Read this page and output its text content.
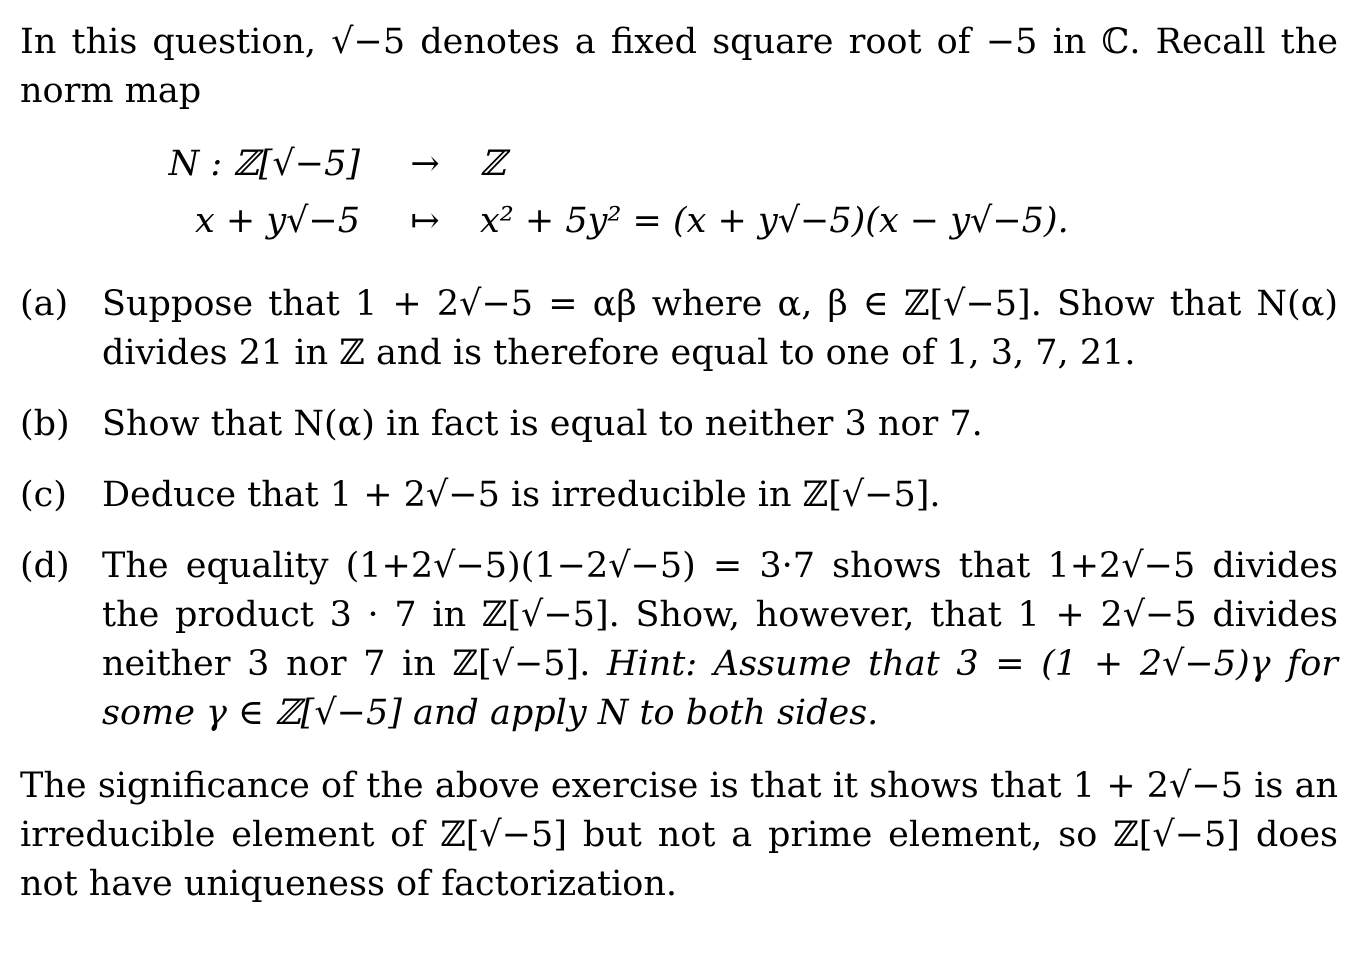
In this question, √−5 denotes a fixed square root of −5 in ℂ. Recall the norm map

N : ℤ[√−5] → ℤ
x + y√−5 ↦ x² + 5y² = (x + y√−5)(x − y√−5).
(a) Suppose that 1 + 2√−5 = αβ where α, β ∈ ℤ[√−5]. Show that N(α) divides 21 in ℤ and is therefore equal to one of 1, 3, 7, 21.
(b) Show that N(α) in fact is equal to neither 3 nor 7.
(c)	Deduce that 1 + 2√−5 is irreducible in ℤ[√−5].
(d) The equality (1+2√−5)(1−2√−5) = 3·7 shows that 1+2√−5 divides the product 3 · 7 in ℤ[√−5]. Show, however, that 1 + 2√−5 divides neither 3 nor 7 in ℤ[√−5]. Hint: Assume that 3 = (1 + 2√−5)γ for some γ ∈ ℤ[√−5] and apply N to both sides.

The significance of the above exercise is that it shows that 1 + 2√−5 is an irreducible element of ℤ[√−5] but not a prime element, so ℤ[√−5] does not have uniqueness of factorization.
